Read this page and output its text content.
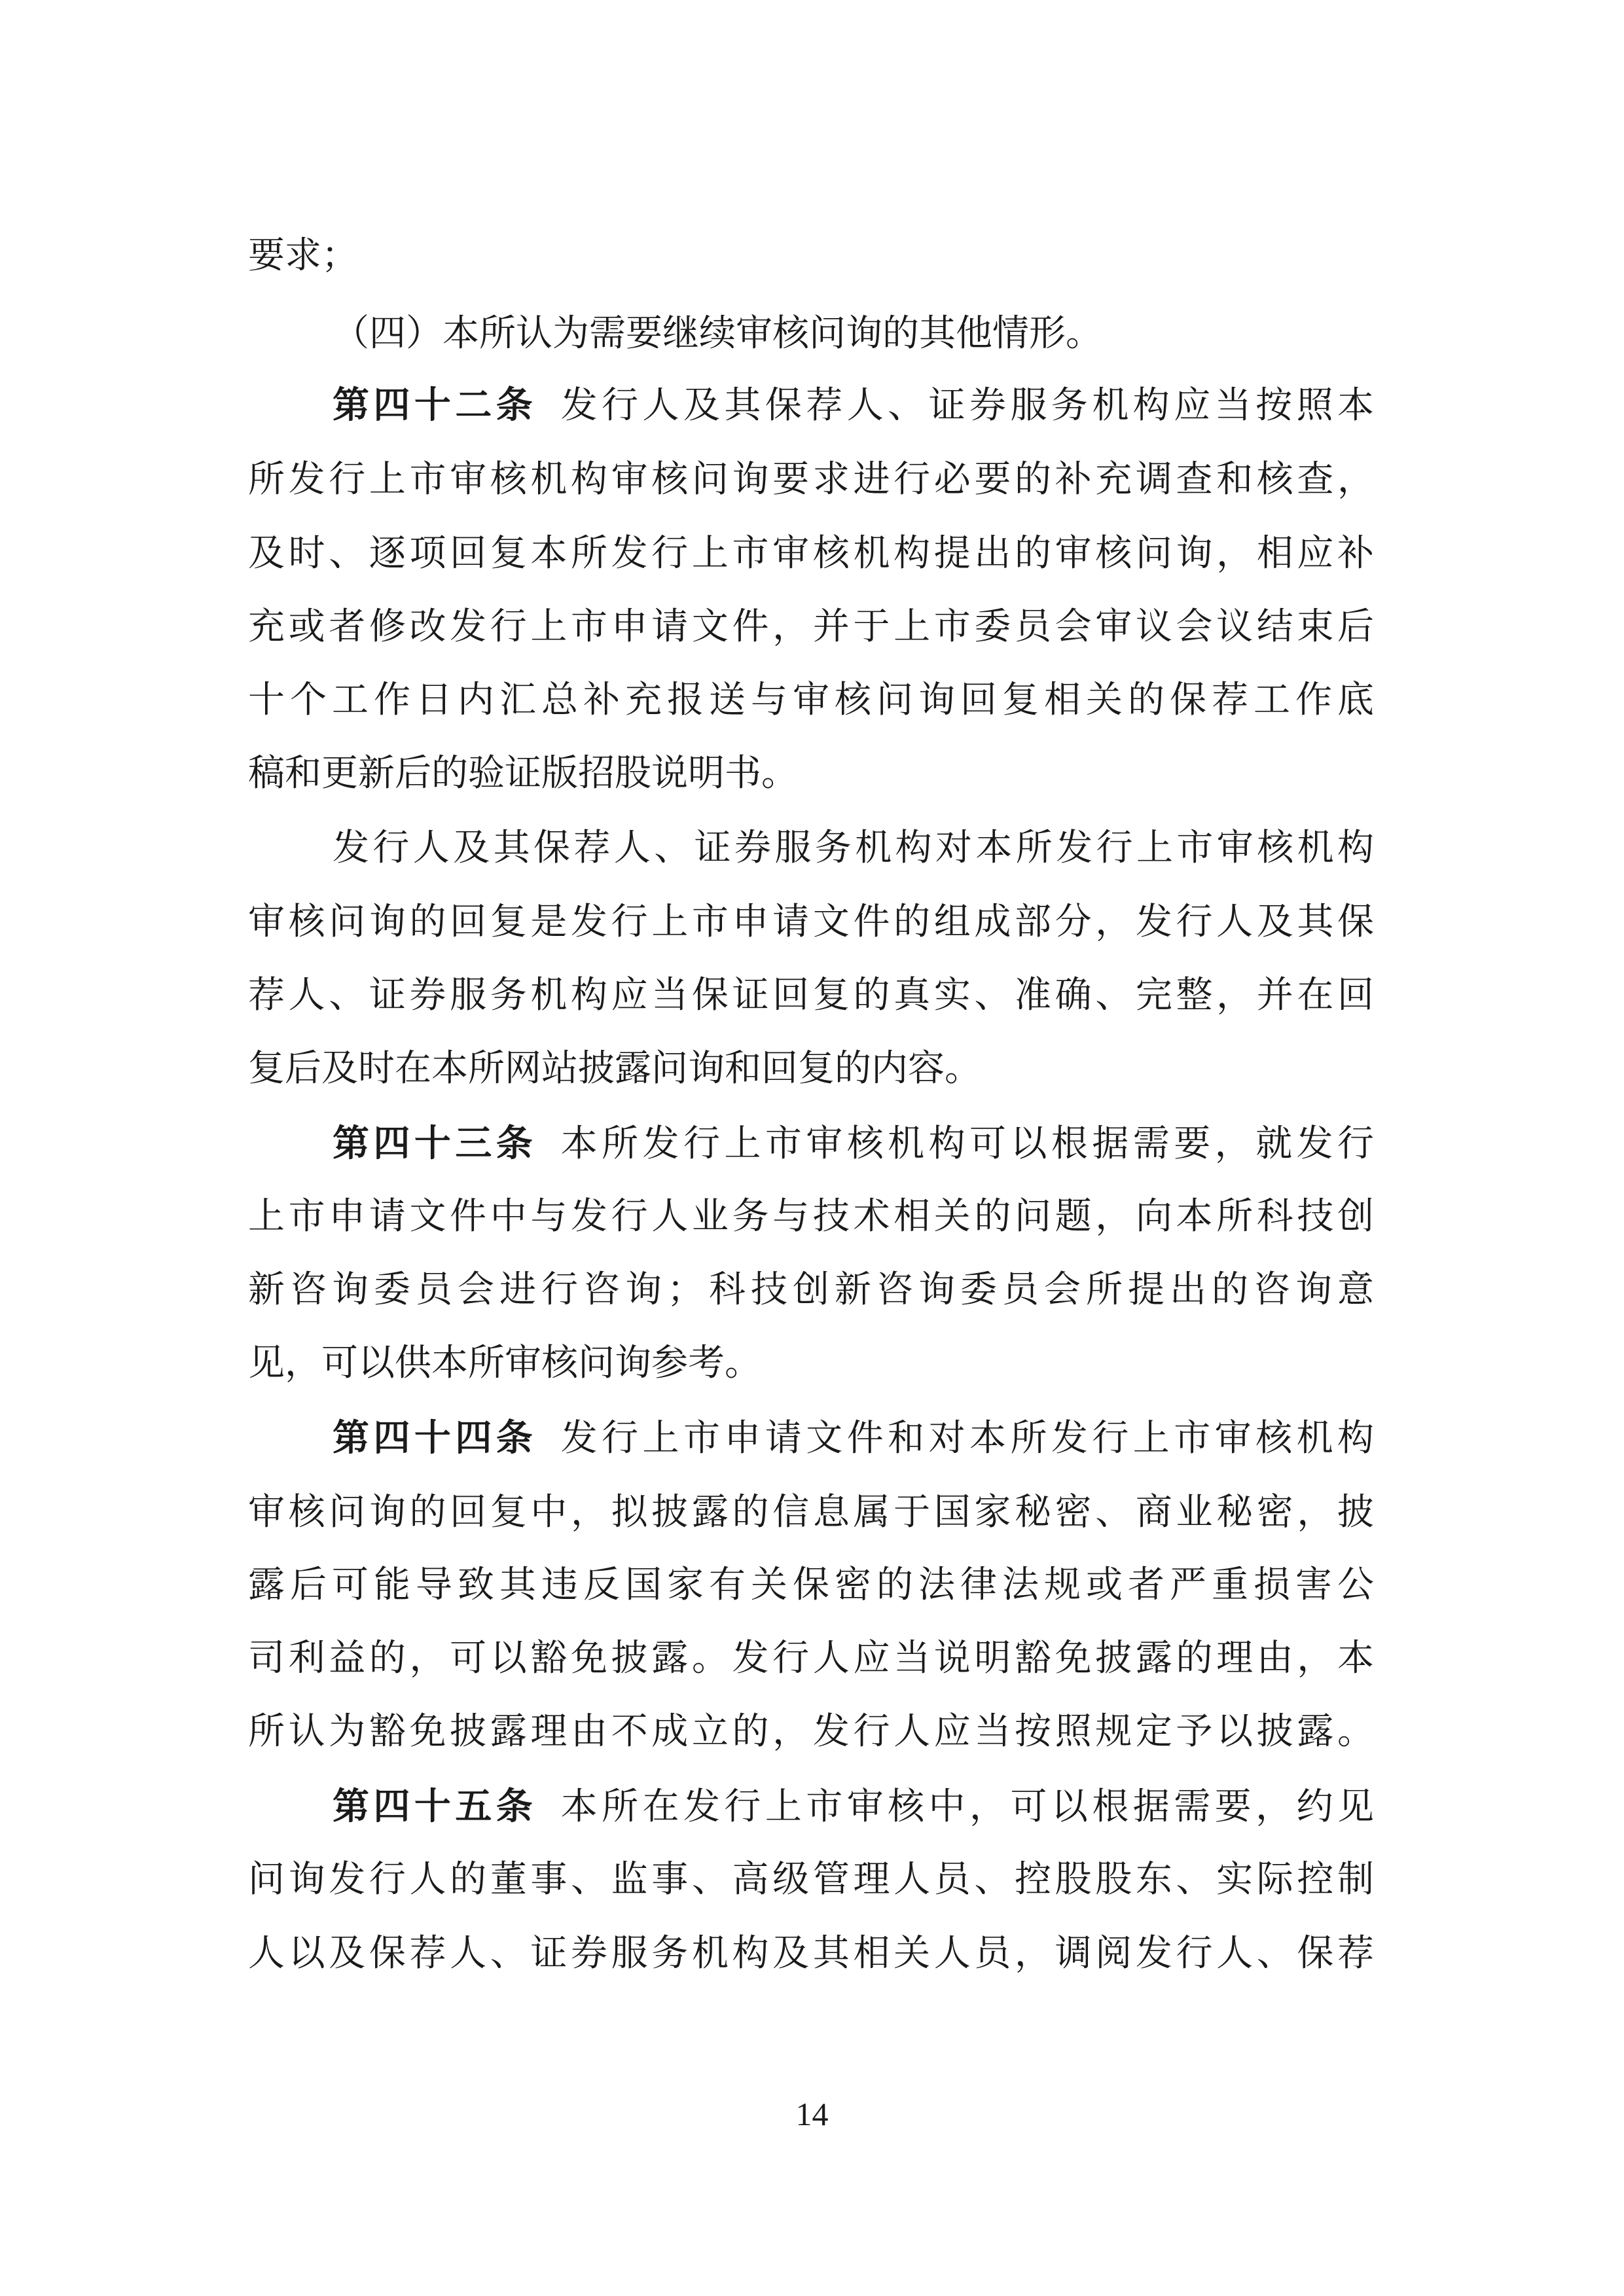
要求；
（四）本所认为需要继续审核问询的其他情形。
第四十二条 发行人及其保荐人、证券服务机构应当按照本
所发行上市审核机构审核问询要求进行必要的补充调查和核查，
及时、逐项回复本所发行上市审核机构提出的审核问询，相应补
充或者修改发行上市申请文件，并于上市委员会审议会议结束后
十个工作日内汇总补充报送与审核问询回复相关的保荐工作底
稿和更新后的验证版招股说明书。
发行人及其保荐人、证券服务机构对本所发行上市审核机构
审核问询的回复是发行上市申请文件的组成部分，发行人及其保
荐人、证券服务机构应当保证回复的真实、准确、完整，并在回
复后及时在本所网站披露问询和回复的内容。
第四十三条 本所发行上市审核机构可以根据需要，就发行
上市申请文件中与发行人业务与技术相关的问题，向本所科技创
新咨询委员会进行咨询；科技创新咨询委员会所提出的咨询意
见，可以供本所审核问询参考。
第四十四条 发行上市申请文件和对本所发行上市审核机构
审核问询的回复中，拟披露的信息属于国家秘密、商业秘密，披
露后可能导致其违反国家有关保密的法律法规或者严重损害公
司利益的，可以豁免披露。发行人应当说明豁免披露的理由，本
所认为豁免披露理由不成立的，发行人应当按照规定予以披露。
第四十五条 本所在发行上市审核中，可以根据需要，约见
问询发行人的董事、监事、高级管理人员、控股股东、实际控制
人以及保荐人、证券服务机构及其相关人员，调阅发行人、保荐
14
